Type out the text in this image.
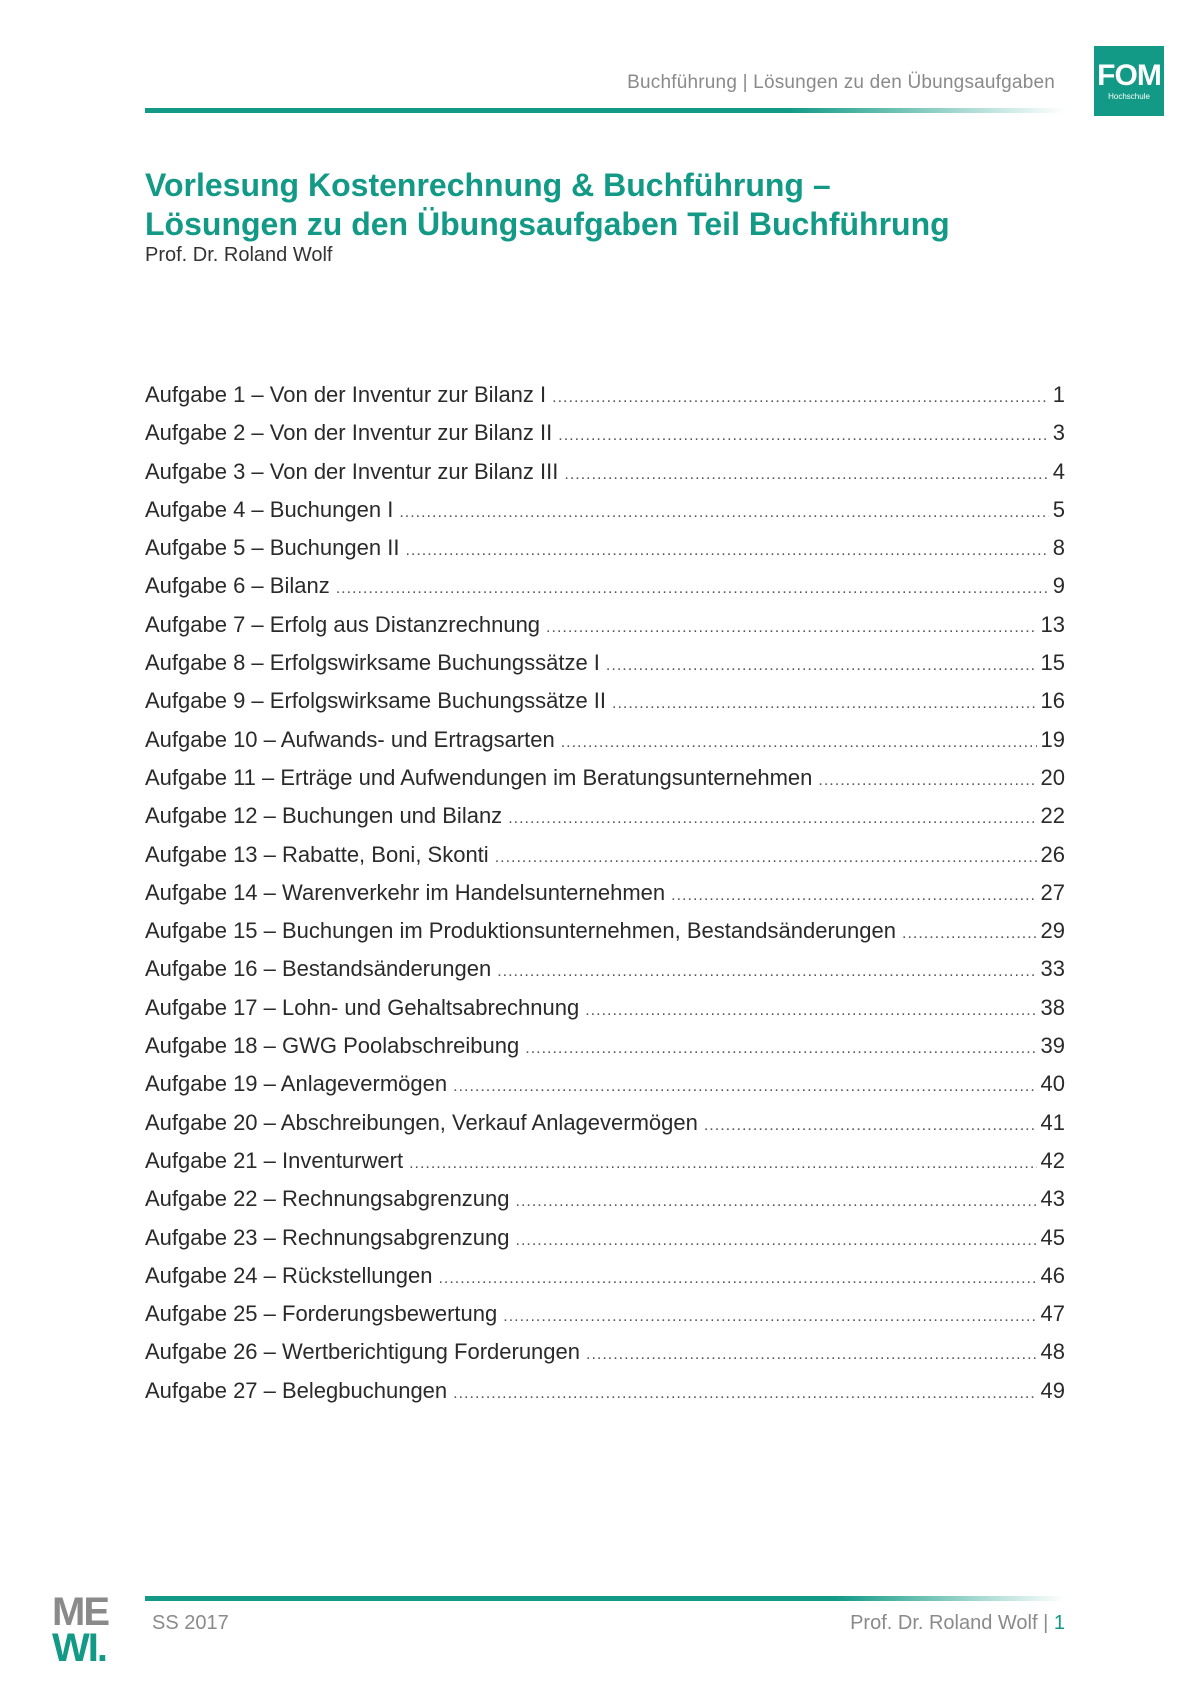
Buchführung | Lösungen zu den Übungsaufgaben FOM
Hochschule
Vorlesung Kostenrechnung & Buchführung –
Lösungen zu den Übungsaufgaben Teil Buchführung
Prof. Dr. Roland Wolf
Aufgabe 1 – Von der Inventur zur Bilanz I .....	1
Aufgabe 2 – Von der Inventur zur Bilanz II .....	3
Aufgabe 3 – Von der Inventur zur Bilanz III .....	4
Aufgabe 4 – Buchungen I .....	5
Aufgabe 5 – Buchungen II .....	8
Aufgabe 6 – Bilanz .....	9
Aufgabe 7 – Erfolg aus Distanzrechnung .....	13
Aufgabe 8 – Erfolgswirksame Buchungssätze I .....	15
Aufgabe 9 – Erfolgswirksame Buchungssätze II .....	16
Aufgabe 10 – Aufwands- und Ertragsarten .....	19
Aufgabe 11 – Erträge und Aufwendungen im Beratungsunternehmen .....	20
Aufgabe 12 – Buchungen und Bilanz .....	22
Aufgabe 13 – Rabatte, Boni, Skonti .....	26
Aufgabe 14 – Warenverkehr im Handelsunternehmen .....	27
Aufgabe 15 – Buchungen im Produktionsunternehmen, Bestandsänderungen .....	29
Aufgabe 16 – Bestandsänderungen .....	33
Aufgabe 17 – Lohn- und Gehaltsabrechnung .....	38
Aufgabe 18 – GWG Poolabschreibung .....	39
Aufgabe 19 – Anlagevermögen .....	40
Aufgabe 20 – Abschreibungen, Verkauf Anlagevermögen .....	41
Aufgabe 21 – Inventurwert .....	42
Aufgabe 22 – Rechnungsabgrenzung .....	43
Aufgabe 23 – Rechnungsabgrenzung .....	45
Aufgabe 24 – Rückstellungen .....	46
Aufgabe 25 – Forderungsbewertung .....	47
Aufgabe 26 – Wertberichtigung Forderungen .....	48
Aufgabe 27 – Belegbuchungen .....	49
ME
WI.
SS 2017	Prof. Dr. Roland Wolf | 1
